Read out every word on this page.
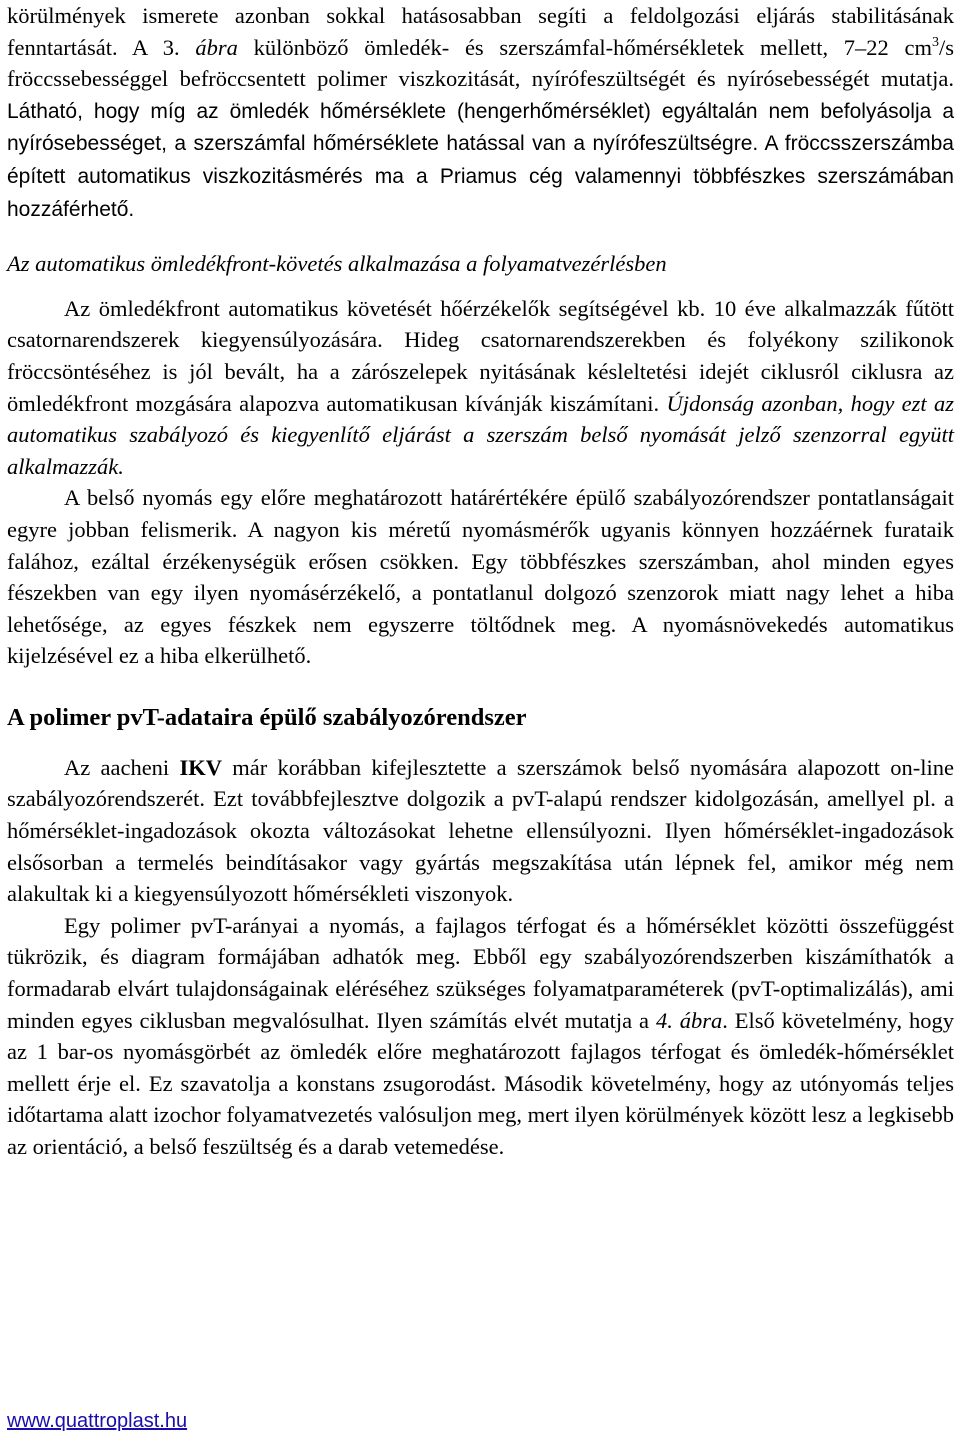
körülmények ismerete azonban sokkal hatásosabban segíti a feldolgozási eljárás stabilitásának fenntartását. A 3. ábra különböző ömledék- és szerszámfal-hőmérsékletek mellett, 7–22 $cm^3/s$ fröccssebességgel befröccsentett polimer viszkozitását, nyírófeszültségét és nyírósebességét mutatja. Látható, hogy míg az ömledék hőmérséklete (hengerhőmérséklet) egyáltalán nem befolyásolja a nyírósebességet, a szerszámfal hőmérséklete hatással van a nyírófeszültségre. A fröccsszerszámba épített automatikus viszkozitásmérés ma a Priamus cég valamennyi többfészkes szerszámában hozzáférhető.

Az automatikus ömledékfront-követés alkalmazása a folyamatvezérlésben

Az ömledékfront automatikus követését hőérzékelők segítségével kb. 10 éve alkalmazzák fűtött csatornarendszerek kiegyensúlyozására. Hideg csatornarendszerekben és folyékony szilikonok fröccsöntéséhez is jól bevált, ha a zárószelepek nyitásának késleltetési idejét ciklusról ciklusra az ömledékfront mozgására alapozva automatikusan kívánják kiszámítani. Újdonság azonban, hogy ezt az automatikus szabályozó és kiegyenlítő eljárást a szerszám belső nyomását jelző szenzorral együtt alkalmazzák.

A belső nyomás egy előre meghatározott határértékére épülő szabályozórendszer pontatlanságait egyre jobban felismerik. A nagyon kis méretű nyomásmérők ugyanis könnyen hozzáérnek furataik falához, ezáltal érzékenységük erősen csökken. Egy többfészkes szerszámban, ahol minden egyes fészekben van egy ilyen nyomásérzékelő, a pontatlanul dolgozó szenzorok miatt nagy lehet a hiba lehetősége, az egyes fészkek nem egyszerre töltődnek meg. A nyomásnövekedés automatikus kijelzésével ez a hiba elkerülhető.

A polimer pvT-adataira épülő szabályozórendszer

Az aacheni IKV már korábban kifejlesztette a szerszámok belső nyomására alapozott on-line szabályozórendszerét. Ezt továbbfejlesztve dolgozik a pvT-alapú rendszer kidolgozásán, amellyel pl. a hőmérséklet-ingadozások okozta változásokat lehetne ellensúlyozni. Ilyen hőmérséklet-ingadozások elsősorban a termelés beindításakor vagy gyártás megszakítása után lépnek fel, amikor még nem alakultak ki a kiegyensúlyozott hőmérsékleti viszonyok.

Egy polimer pvT-arányai a nyomás, a fajlagos térfogat és a hőmérséklet közötti összefüggést tükrözik, és diagram formájában adhatók meg. Ebből egy szabályozórendszerben kiszámíthatók a formadarab elvárt tulajdonságainak eléréséhez szükséges folyamatparaméterek (pvT-optimalizálás), ami minden egyes ciklusban megvalósulhat. Ilyen számítás elvét mutatja a 4. ábra. Első követelmény, hogy az 1 bar-os nyomásgörbét az ömledék előre meghatározott fajlagos térfogat és ömledék-hőmérséklet mellett érje el. Ez szavatolja a konstans zsugorodást. Második követelmény, hogy az utónyomás teljes időtartama alatt izochor folyamatvezetés valósuljon meg, mert ilyen körülmények között lesz a legkisebb az orientáció, a belső feszültség és a darab vetemedése.

www.quattroplast.hu
